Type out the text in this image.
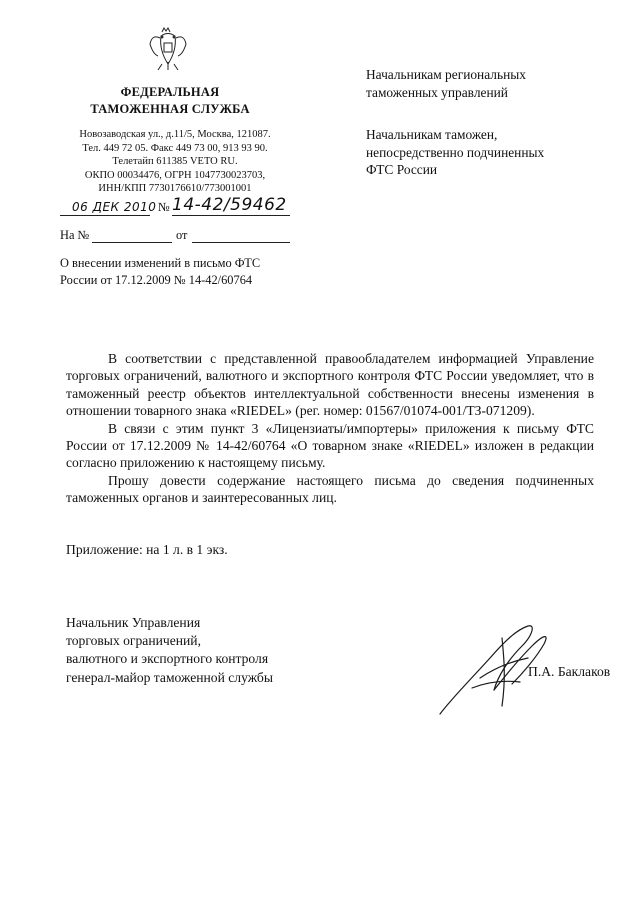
ФЕДЕРАЛЬНАЯ
ТАМОЖЕННАЯ СЛУЖБА
Новозаводская ул., д.11/5, Москва, 121087.
Тел. 449 72 05. Факс 449 73 00, 913 93 90.
Телетайп 611385 VETO RU.
ОКПО 00034476, ОГРН 1047730023703,
ИНН/КПП 7730176610/773001001
Начальникам региональных
таможенных управлений
Начальникам таможен,
непосредственно подчиненных
ФТС России
06 ДЕК 2010 № 14-42/59462
На №	от
О внесении изменений в письмо ФТС
России от 17.12.2009 № 14-42/60764

В соответствии с представленной правообладателем информацией Управление торговых ограничений, валютного и экспортного контроля ФТС России уведомляет, что в таможенный реестр объектов интеллектуальной собственности внесены изменения в отношении товарного знака «RIEDEL» (рег. номер: 01567/01074-001/ТЗ-071209).

В связи с этим пункт 3 «Лицензиаты/импортеры» приложения к письму ФТС России от 17.12.2009 № 14-42/60764 «О товарном знаке «RIEDEL» изложен в редакции согласно приложению к настоящему письму.

Прошу довести содержание настоящего письма до сведения подчиненных таможенных органов и заинтересованных лиц.

Приложение: на 1 л. в 1 экз.
Начальник Управления
торговых ограничений,
валютного и экспортного контроля
генерал-майор таможенной службы	П.А. Баклаков
